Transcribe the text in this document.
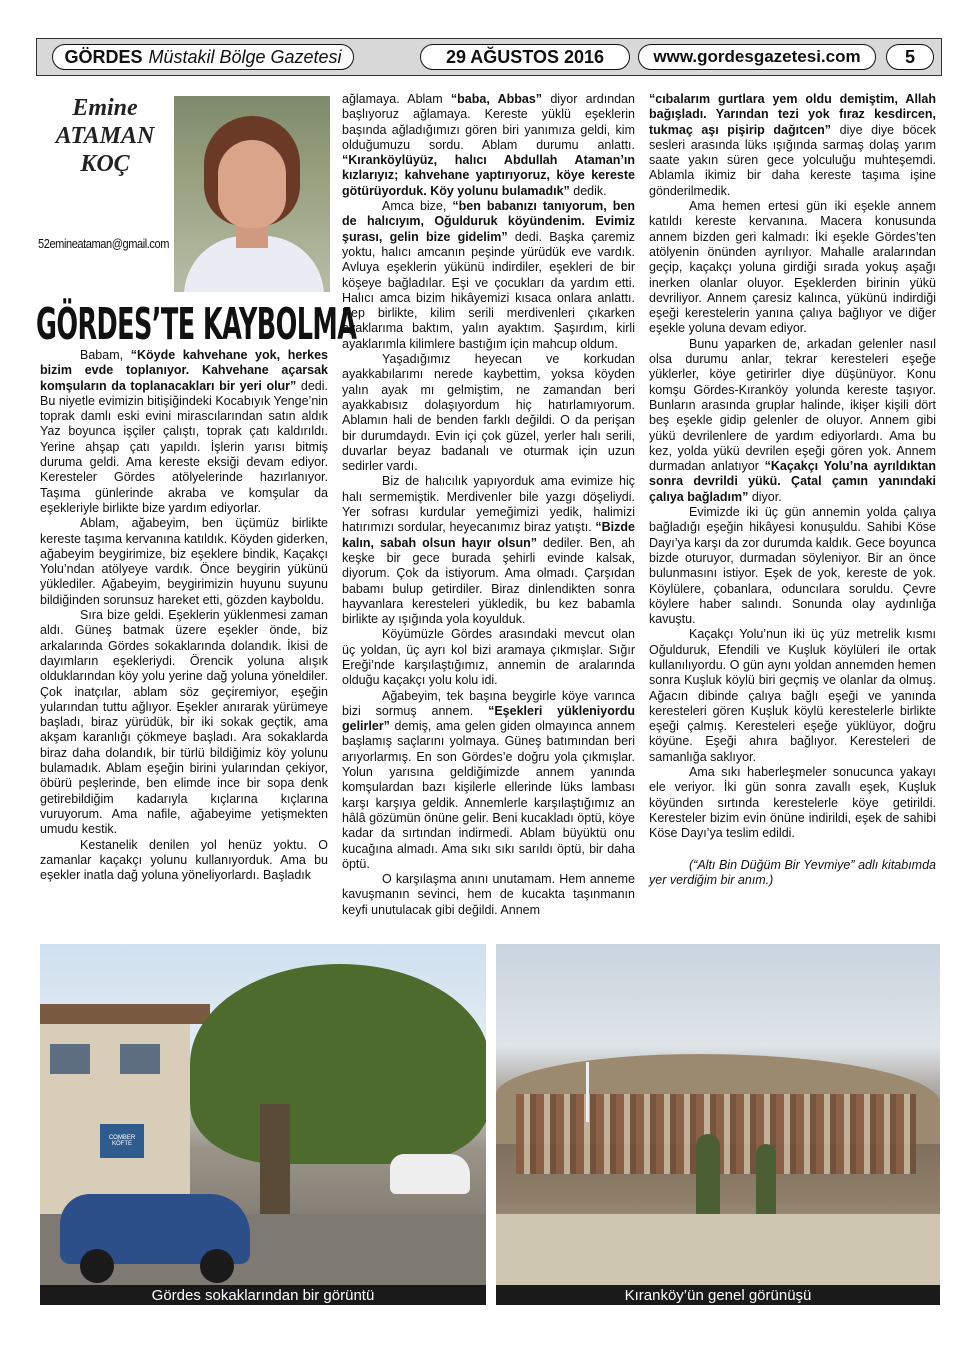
GÖRDES Müstakil Bölge Gazetesi	29 AĞUSTOS 2016	www.gordesgazetesi.com 5
Emine
ATAMAN
KOÇ
52emineataman@gmail.com
GÖRDES’TE KAYBOLMA

Babam, “Köyde kahvehane yok, herkes bizim evde toplanıyor. Kahvehane açarsak komşuların da toplanacakları bir yeri olur” dedi. Bu niyetle evimizin bitişiğindeki Kocabıyık Yenge’nin toprak damlı eski evini mirascılarından satın aldık Yaz boyunca işçiler çalıştı, toprak çatı kaldırıldı. Yerine ahşap çatı yapıldı. İşlerin yarısı bitmiş duruma geldi. Ama kereste eksiği devam ediyor. Keresteler Gördes atölyelerinde hazırlanıyor. Taşıma günlerinde akraba ve komşular da eşekleriyle birlikte bize yardım ediyorlar.

Ablam, ağabeyim, ben üçümüz birlikte kereste taşıma kervanına katıldık. Köyden giderken, ağabeyim beygirimize, biz eşeklere bindik, Kaçakçı Yolu’ndan atölyeye vardık. Önce beygirin yükünü yüklediler. Ağabeyim, beygirimizin huyunu suyunu bildiğinden sorunsuz hareket etti, gözden kayboldu.

Sıra bize geldi. Eşeklerin yüklenmesi zaman aldı. Güneş batmak üzere eşekler önde, biz arkalarında Gördes sokaklarında dolandık. İkisi de dayımların eşekleriydi. Örencik yoluna alışık olduklarından köy yolu yerine dağ yoluna yöneldiler. Çok inatçılar, ablam söz geçiremiyor, eşeğin yularından tuttu ağlıyor. Eşekler anırarak yürümeye başladı, biraz yürüdük, bir iki sokak geçtik, ama akşam karanlığı çökmeye başladı. Ara sokaklarda biraz daha dolandık, bir türlü bildiğimiz köy yolunu bulamadık. Ablam eşeğin birini yularından çekiyor, öbürü peşlerinde, ben elimde ince bir sopa denk getirebildiğim kadarıyla kıçlarına kıçlarına vuruyorum. Ama nafile, ağabeyime yetişmekten umudu kestik.

Kestanelik denilen yol henüz yoktu. O zamanlar kaçakçı yolunu kullanıyorduk. Ama bu eşekler inatla dağ yoluna yöneliyorlardı. Başladık

ağlamaya. Ablam “baba, Abbas” diyor ardından başlıyoruz ağlamaya. Kereste yüklü eşeklerin başında ağladığımızı gören biri yanımıza geldi, kim olduğumuzu sordu. Ablam durumu anlattı. “Kıranköylüyüz, halıcı Abdullah Ataman’ın kızlarıyız; kahvehane yaptırıyoruz, köye kereste götürüyorduk. Köy yolunu bulamadık” dedik.

Amca bize, “ben babanızı tanıyorum, ben de halıcıyım, Oğulduruk köyündenim. Evimiz şurası, gelin bize gidelim” dedi. Başka çaremiz yoktu, halıcı amcanın peşinde yürüdük eve vardık. Avluya eşeklerin yükünü indirdiler, eşekleri de bir köşeye bağladılar. Eşi ve çocukları da yardım etti. Halıcı amca bizim hikâyemizi kısaca onlara anlattı. Hep birlikte, kilim serili merdivenleri çıkarken ayaklarıma baktım, yalın ayaktım. Şaşırdım, kirli ayaklarımla kilimlere bastığım için mahcup oldum.

Yaşadığımız heyecan ve korkudan ayakkabılarımı nerede kaybettim, yoksa köyden yalın ayak mı gelmiştim, ne zamandan beri ayakkabısız dolaşıyordum hiç hatırlamıyorum. Ablamın hali de benden farklı değildi. O da perişan bir durumdaydı. Evin içi çok güzel, yerler halı serili, duvarlar beyaz badanalı ve oturmak için uzun sedirler vardı.

Biz de halıcılık yapıyorduk ama evimize hiç halı sermemiştik. Merdivenler bile yazgı döşeliydi. Yer sofrası kurdular yemeğimizi yedik, halimizi hatırımızı sordular, heyecanımız biraz yatıştı. “Bizde kalın, sabah olsun hayır olsun” dediler. Ben, ah keşke bir gece burada şehirli evinde kalsak, diyorum. Çok da istiyorum. Ama olmadı. Çarşıdan babamı bulup getirdiler. Biraz dinlendikten sonra hayvanlara keresteleri yükledik, bu kez babamla birlikte ay ışığında yola koyulduk.

Köyümüzle Gördes arasındaki mevcut olan üç yoldan, üç ayrı kol bizi aramaya çıkmışlar. Sığır Ereği’nde karşılaştığımız, annemin de aralarında olduğu kaçakçı yolu kolu idi.

Ağabeyim, tek başına beygirle köye varınca bizi sormuş annem. “Eşekleri yükleniyordu gelirler” demiş, ama gelen giden olmayınca annem başlamış saçlarını yolmaya. Güneş batımından beri arıyorlarmış. En son Gördes’e doğru yola çıkmışlar. Yolun yarısına geldiğimizde annem yanında komşulardan bazı kişilerle ellerinde lüks lambası karşı karşıya geldik. Annemlerle karşılaştığımız an hâlâ gözümün önüne gelir. Beni kucakladı öptü, köye kadar da sırtından indirmedi. Ablam büyüktü onu kucağına almadı. Ama sıkı sıkı sarıldı öptü, bir daha öptü.

O karşılaşma anını unutamam. Hem anneme kavuşmanın sevinci, hem de kucakta taşınmanın keyfi unutulacak gibi değildi. Annem

“cıbalarım gurtlara yem oldu demiştim, Allah bağışladı. Yarından tezi yok fıraz kesdircen, tukmaç aşı pişirip dağıtcen” diye diye böcek sesleri arasında lüks ışığında sarmaş dolaş yarım saate yakın süren gece yolculuğu muhteşemdi. Ablamla ikimiz bir daha kereste taşıma işine gönderilmedik.

Ama hemen ertesi gün iki eşekle annem katıldı kereste kervanına. Macera konusunda annem bizden geri kalmadı: İki eşekle Gördes’ten atölyenin önünden ayrılıyor. Mahalle aralarından geçip, kaçakçı yoluna girdiği sırada yokuş aşağı inerken olanlar oluyor. Eşeklerden birinin yükü devriliyor. Annem çaresiz kalınca, yükünü indirdiği eşeği kerestelerin yanına çalıya bağlıyor ve diğer eşekle yoluna devam ediyor.

Bunu yaparken de, arkadan gelenler nasıl olsa durumu anlar, tekrar keresteleri eşeğe yüklerler, köye getirirler diye düşünüyor. Konu komşu Gördes-Kıranköy yolunda kereste taşıyor. Bunların arasında gruplar halinde, ikişer kişili dört beş eşekle gidip gelenler de oluyor. Annem gibi yükü devrilenlere de yardım ediyorlardı. Ama bu kez, yolda yükü devrilen eşeği gören yok. Annem durmadan anlatıyor “Kaçakçı Yolu’na ayrıldıktan sonra devrildi yükü. Çatal çamın yanındaki çalıya bağladım” diyor.

Evimizde iki üç gün annemin yolda çalıya bağladığı eşeğin hikâyesi konuşuldu. Sahibi Köse Dayı’ya karşı da zor durumda kaldık. Gece boyunca bizde oturuyor, durmadan söyleniyor. Bir an önce bulunmasını istiyor. Eşek de yok, kereste de yok. Köylülere, çobanlara, oduncılara soruldu. Çevre köylere haber salındı. Sonunda olay aydınlığa kavuştu.

Kaçakçı Yolu’nun iki üç yüz metrelik kısmı Oğulduruk, Efendili ve Kuşluk köylüleri ile ortak kullanılıyordu. O gün aynı yoldan annemden hemen sonra Kuşluk köylü biri geçmiş ve olanlar da olmuş. Ağacın dibinde çalıya bağlı eşeği ve yanında keresteleri gören Kuşluk köylü kerestelerle birlikte eşeği çalmış. Keresteleri eşeğe yüklüyor, doğru köyüne. Eşeği ahıra bağlıyor. Keresteleri de samanlığa saklıyor.

Ama sıkı haberleşmeler sonucunca yakayı ele veriyor. İki gün sonra zavallı eşek, Kuşluk köyünden sırtında kerestelerle köye getirildi. Keresteler bizim evin önüne indirildi, eşek de sahibi Köse Dayı’ya teslim edildi.

(“Altı Bin Düğüm Bir Yevmiye” adlı kitabımda yer verdiğim bir anım.)

COMBER KÖFTE
Gördes sokaklarından bir görüntü	Kıranköy’ün genel görünüşü
